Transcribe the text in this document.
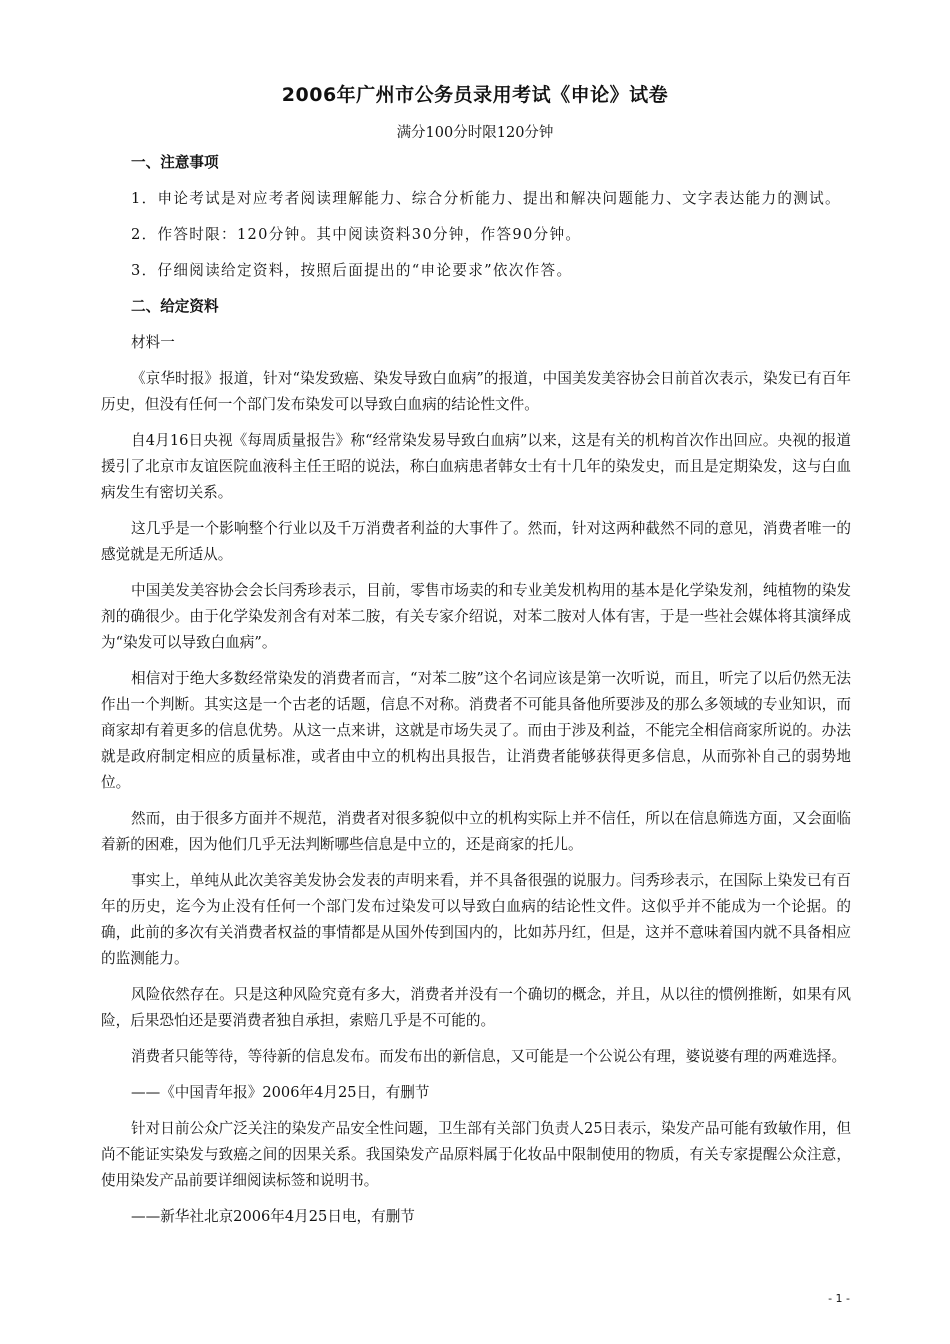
2006年广州市公务员录用考试《申论》试卷

满分100分时限120分钟

一、注意事项

1．申论考试是对应考者阅读理解能力、综合分析能力、提出和解决问题能力、文字表达能力的测试。

2．作答时限：120分钟。其中阅读资料30分钟，作答90分钟。

3．仔细阅读给定资料，按照后面提出的“申论要求”依次作答。

二、给定资料

材料一

《京华时报》报道，针对“染发致癌、染发导致白血病”的报道，中国美发美容协会日前首次表示，染发已有百年历史，但没有任何一个部门发布染发可以导致白血病的结论性文件。

自4月16日央视《每周质量报告》称“经常染发易导致白血病”以来，这是有关的机构首次作出回应。央视的报道援引了北京市友谊医院血液科主任王昭的说法，称白血病患者韩女士有十几年的染发史，而且是定期染发，这与白血病发生有密切关系。

这几乎是一个影响整个行业以及千万消费者利益的大事件了。然而，针对这两种截然不同的意见，消费者唯一的感觉就是无所适从。

中国美发美容协会会长闫秀珍表示，目前，零售市场卖的和专业美发机构用的基本是化学染发剂，纯植物的染发剂的确很少。由于化学染发剂含有对苯二胺，有关专家介绍说，对苯二胺对人体有害，于是一些社会媒体将其演绎成为“染发可以导致白血病”。

相信对于绝大多数经常染发的消费者而言，“对苯二胺”这个名词应该是第一次听说，而且，听完了以后仍然无法作出一个判断。其实这是一个古老的话题，信息不对称。消费者不可能具备他所要涉及的那么多领域的专业知识，而商家却有着更多的信息优势。从这一点来讲，这就是市场失灵了。而由于涉及利益，不能完全相信商家所说的。办法就是政府制定相应的质量标准，或者由中立的机构出具报告，让消费者能够获得更多信息，从而弥补自己的弱势地位。

然而，由于很多方面并不规范，消费者对很多貌似中立的机构实际上并不信任，所以在信息筛选方面，又会面临着新的困难，因为他们几乎无法判断哪些信息是中立的，还是商家的托儿。

事实上，单纯从此次美容美发协会发表的声明来看，并不具备很强的说服力。闫秀珍表示，在国际上染发已有百年的历史，迄今为止没有任何一个部门发布过染发可以导致白血病的结论性文件。这似乎并不能成为一个论据。的确，此前的多次有关消费者权益的事情都是从国外传到国内的，比如苏丹红，但是，这并不意味着国内就不具备相应的监测能力。

风险依然存在。只是这种风险究竟有多大，消费者并没有一个确切的概念，并且，从以往的惯例推断，如果有风险，后果恐怕还是要消费者独自承担，索赔几乎是不可能的。

消费者只能等待，等待新的信息发布。而发布出的新信息，又可能是一个公说公有理，婆说婆有理的两难选择。

——《中国青年报》2006年4月25日，有删节

针对日前公众广泛关注的染发产品安全性问题，卫生部有关部门负责人25日表示，染发产品可能有致敏作用，但尚不能证实染发与致癌之间的因果关系。我国染发产品原料属于化妆品中限制使用的物质，有关专家提醒公众注意，使用染发产品前要详细阅读标签和说明书。

——新华社北京2006年4月25日电，有删节

- 1 -
